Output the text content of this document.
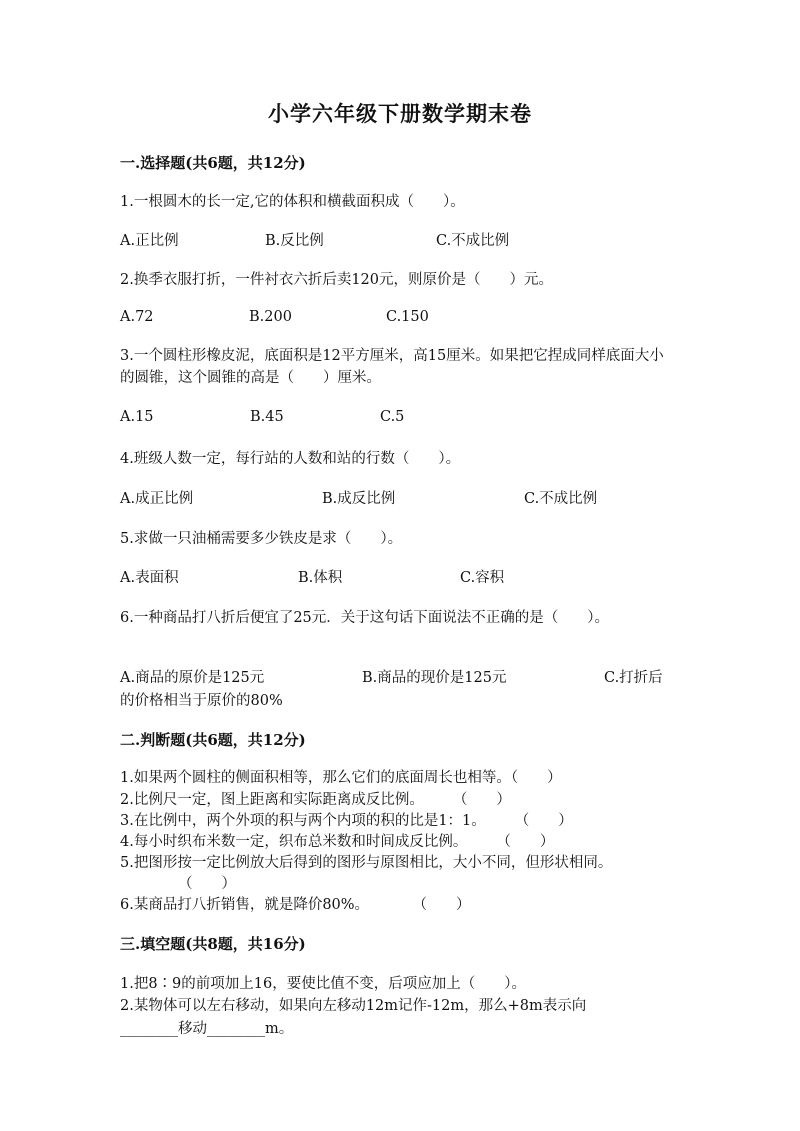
小学六年级下册数学期末卷
一.选择题(共6题，共12分)
1.一根圆木的长一定,它的体积和横截面积成（　　）。
A.正比例	B.反比例	C.不成比例
2.换季衣服打折，一件衬衣六折后卖120元，则原价是（　　）元。
A.72	B.200	C.150
3.一个圆柱形橡皮泥，底面积是12平方厘米，高15厘米。如果把它捏成同样底面大小的圆锥，这个圆锥的高是（　　）厘米。
A.15	B.45	C.5
4.班级人数一定，每行站的人数和站的行数（　　）。
A.成正比例	B.成反比例	C.不成比例
5.求做一只油桶需要多少铁皮是求（　　）。
A.表面积	B.体积	C.容积
6.一种商品打八折后便宜了25元．关于这句话下面说法不正确的是（　　）。
A.商品的原价是125元	B.商品的现价是125元	C.打折后
的价格相当于原价的80%
二.判断题(共6题，共12分)
1.如果两个圆柱的侧面积相等，那么它们的底面周长也相等。（　　）
2.比例尺一定，图上距离和实际距离成反比例。　　　（　　）
3.在比例中，两个外项的积与两个内项的积的比是1：1。　　　（　　）
4.每小时织布米数一定，织布总米数和时间成反比例。　　　（　　）
5.把图形按一定比例放大后得到的图形与原图相比，大小不同，但形状相同。
（　　）
6.某商品打八折销售，就是降价80%。　　　　（　　）
三.填空题(共8题，共16分)
1.把8∶9的前项加上16，要使比值不变，后项应加上（　　）。
2.某物体可以左右移动，如果向左移动12m记作-12m，那么+8m表示向
________移动________m。
